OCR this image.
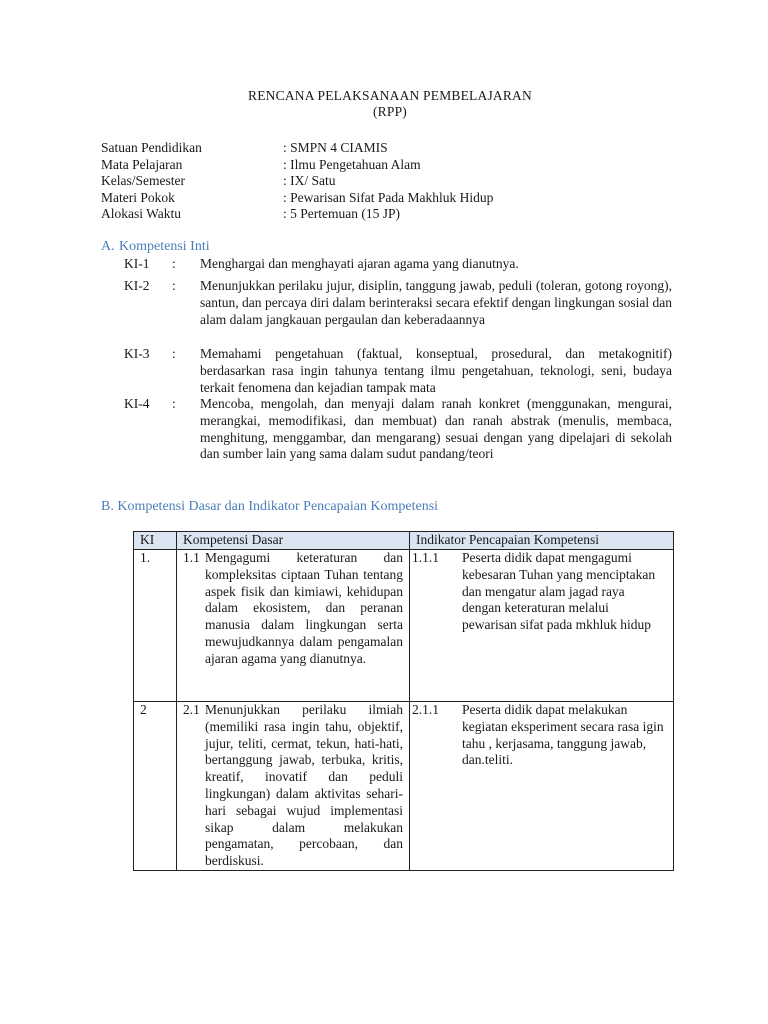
RENCANA PELAKSANAAN PEMBELAJARAN
(RPP)
Satuan Pendidikan	: SMPN 4 CIAMIS
Mata Pelajaran	: Ilmu Pengetahuan Alam
Kelas/Semester	: IX/ Satu
Materi Pokok	: Pewarisan Sifat Pada Makhluk Hidup
Alokasi Waktu	: 5 Pertemuan (15 JP)
A. Kompetensi Inti
KI-1 : Menghargai dan menghayati ajaran agama yang dianutnya.
KI-2 : Menunjukkan perilaku jujur, disiplin, tanggung jawab, peduli (toleran, gotong royong), santun, dan percaya diri dalam berinteraksi secara efektif dengan lingkungan sosial dan alam dalam jangkauan pergaulan dan keberadaannya
KI-3 : Memahami pengetahuan (faktual, konseptual, prosedural, dan metakognitif) berdasarkan rasa ingin tahunya tentang ilmu pengetahuan, teknologi, seni, budaya terkait fenomena dan kejadian tampak mata
KI-4 : Mencoba, mengolah, dan menyaji dalam ranah konkret (menggunakan, mengurai, merangkai, memodifikasi, dan membuat) dan ranah abstrak (menulis, membaca, menghitung, menggambar, dan mengarang) sesuai dengan yang dipelajari di sekolah dan sumber lain yang sama dalam sudut pandang/teori
B. Kompetensi Dasar dan Indikator Pencapaian Kompetensi
KI	Kompetensi Dasar	Indikator Pencapaian Kompetensi
1.	1.1 Mengagumi keteraturan dan kompleksitas ciptaan Tuhan tentang aspek fisik dan kimiawi, kehidupan dalam ekosistem, dan peranan manusia dalam lingkungan serta mewujudkannya dalam pengamalan ajaran agama yang dianutnya.	1.1.1 Peserta didik dapat mengagumi kebesaran Tuhan yang menciptakan dan mengatur alam jagad raya dengan keteraturan melalui pewarisan sifat pada mkhluk hidup

2	2.1 Menunjukkan perilaku ilmiah (memiliki rasa ingin tahu, objektif, jujur, teliti, cermat, tekun, hati-hati, bertanggung jawab, terbuka, kritis, kreatif, inovatif dan peduli lingkungan) dalam aktivitas sehari-hari sebagai wujud implementasi sikap dalam melakukan pengamatan, percobaan, dan berdiskusi.	2.1.1 Peserta didik dapat melakukan kegiatan eksperiment secara rasa igin tahu , kerjasama, tanggung jawab, dan.teliti.
